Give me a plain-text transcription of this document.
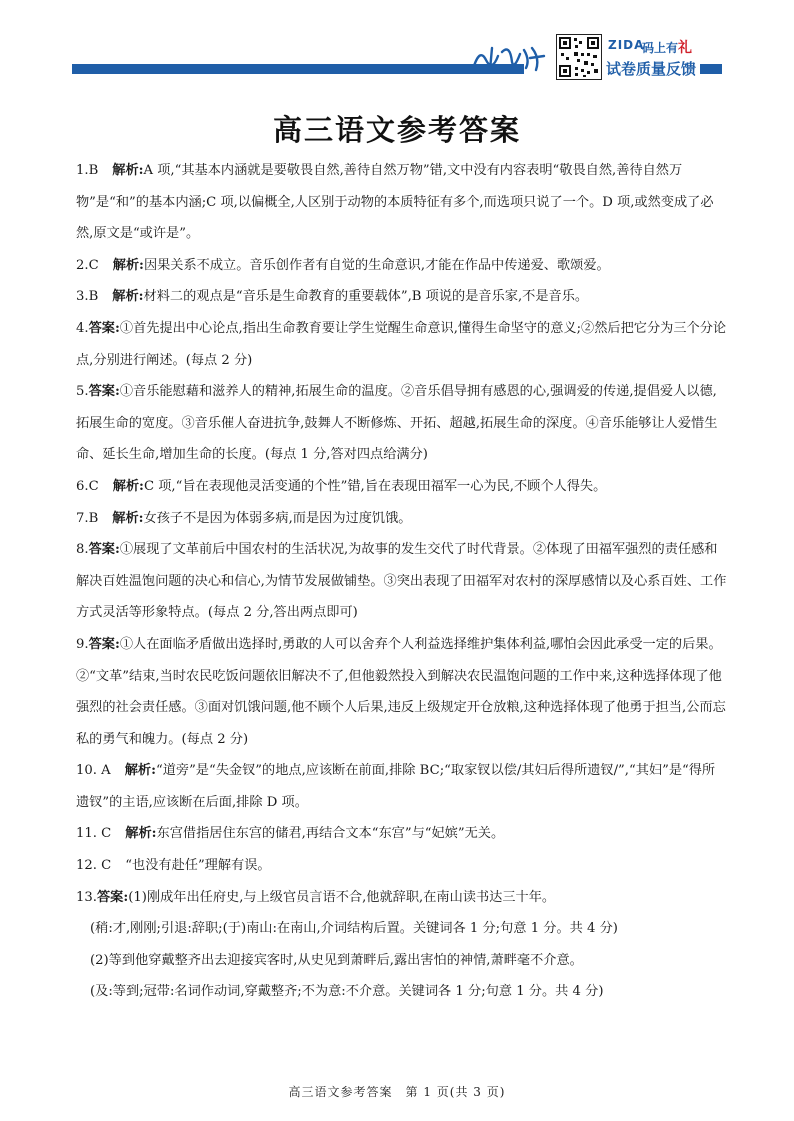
ZIDA
码上有礼
试卷质量反馈
高三语文参考答案

1.B 解析:A 项,“其基本内涵就是要敬畏自然,善待自然万物”错,文中没有内容表明“敬畏自然,善待自然万物”是“和”的基本内涵;C 项,以偏概全,人区别于动物的本质特征有多个,而选项只说了一个。D 项,或然变成了必然,原文是“或许是”。

2.C 解析:因果关系不成立。音乐创作者有自觉的生命意识,才能在作品中传递爱、歌颂爱。

3.B 解析:材料二的观点是“音乐是生命教育的重要载体”,B 项说的是音乐家,不是音乐。

4.答案:①首先提出中心论点,指出生命教育要让学生觉醒生命意识,懂得生命坚守的意义;②然后把它分为三个分论点,分别进行阐述。(每点 2 分)

5.答案:①音乐能慰藉和滋养人的精神,拓展生命的温度。②音乐倡导拥有感恩的心,强调爱的传递,提倡爱人以德,拓展生命的宽度。③音乐催人奋进抗争,鼓舞人不断修炼、开拓、超越,拓展生命的深度。④音乐能够让人爱惜生命、延长生命,增加生命的长度。(每点 1 分,答对四点给满分)

6.C 解析:C 项,“旨在表现他灵活变通的个性”错,旨在表现田福军一心为民,不顾个人得失。

7.B 解析:女孩子不是因为体弱多病,而是因为过度饥饿。

8.答案:①展现了文革前后中国农村的生活状况,为故事的发生交代了时代背景。②体现了田福军强烈的责任感和解决百姓温饱问题的决心和信心,为情节发展做铺垫。③突出表现了田福军对农村的深厚感情以及心系百姓、工作方式灵活等形象特点。(每点 2 分,答出两点即可)

9.答案:①人在面临矛盾做出选择时,勇敢的人可以舍弃个人利益选择维护集体利益,哪怕会因此承受一定的后果。②“文革”结束,当时农民吃饭问题依旧解决不了,但他毅然投入到解决农民温饱问题的工作中来,这种选择体现了他强烈的社会责任感。③面对饥饿问题,他不顾个人后果,违反上级规定开仓放粮,这种选择体现了他勇于担当,公而忘私的勇气和魄力。(每点 2 分)

10. A 解析:“道旁”是“失金钗”的地点,应该断在前面,排除 BC;“取家钗以偿/其妇后得所遗钗/”,“其妇”是“得所遗钗”的主语,应该断在后面,排除 D 项。

11. C 解析:东宫借指居住东宫的储君,再结合文本“东宫”与“妃嫔”无关。

12. C “也没有赴任”理解有误。

13.答案:(1)刚成年出任府史,与上级官员言语不合,他就辞职,在南山读书达三十年。

(稍:才,刚刚;引退:辞职;(于)南山:在南山,介词结构后置。关键词各 1 分;句意 1 分。共 4 分)

(2)等到他穿戴整齐出去迎接宾客时,从史见到萧畔后,露出害怕的神情,萧畔毫不介意。

(及:等到;冠带:名词作动词,穿戴整齐;不为意:不介意。关键词各 1 分;句意 1 分。共 4 分)

高三语文参考答案　第 1 页(共 3 页)
